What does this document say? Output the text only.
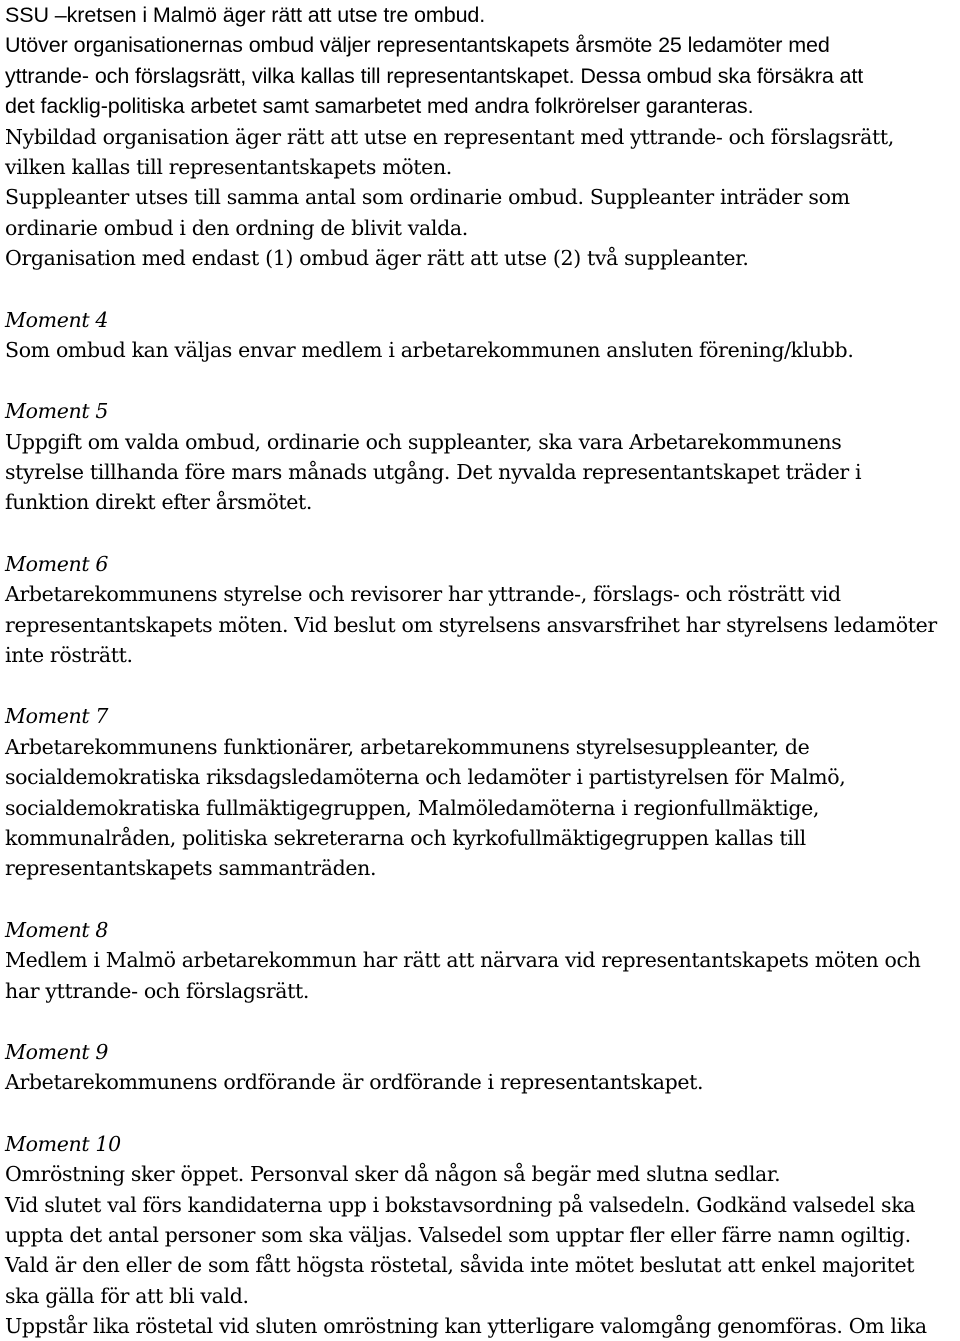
SSU –kretsen i Malmö äger rätt att utse tre ombud.
Utöver organisationernas ombud väljer representantskapets årsmöte 25 ledamöter med
yttrande- och förslagsrätt, vilka kallas till representantskapet. Dessa ombud ska försäkra att
det facklig-politiska arbetet samt samarbetet med andra folkrörelser garanteras.
Nybildad organisation äger rätt att utse en representant med yttrande- och förslagsrätt,
vilken kallas till representantskapets möten.
Suppleanter utses till samma antal som ordinarie ombud. Suppleanter inträder som
ordinarie ombud i den ordning de blivit valda.
Organisation med endast (1) ombud äger rätt att utse (2) två suppleanter.
Moment 4
Som ombud kan väljas envar medlem i arbetarekommunen ansluten förening/klubb.
Moment 5
Uppgift om valda ombud, ordinarie och suppleanter, ska vara Arbetarekommunens
styrelse tillhanda före mars månads utgång. Det nyvalda representantskapet träder i
funktion direkt efter årsmötet.
Moment 6
Arbetarekommunens styrelse och revisorer har yttrande-, förslags- och rösträtt vid
representantskapets möten. Vid beslut om styrelsens ansvarsfrihet har styrelsens ledamöter
inte rösträtt.
Moment 7
Arbetarekommunens funktionärer, arbetarekommunens styrelsesuppleanter, de
socialdemokratiska riksdagsledamöterna och ledamöter i partistyrelsen för Malmö,
socialdemokratiska fullmäktigegruppen, Malmöledamöterna i regionfullmäktige,
kommunalråden, politiska sekreterarna och kyrkofullmäktigegruppen kallas till
representantskapets sammanträden.
Moment 8
Medlem i Malmö arbetarekommun har rätt att närvara vid representantskapets möten och
har yttrande- och förslagsrätt.
Moment 9
Arbetarekommunens ordförande är ordförande i representantskapet.
Moment 10
Omröstning sker öppet. Personval sker då någon så begär med slutna sedlar.
Vid slutet val förs kandidaterna upp i bokstavsordning på valsedeln. Godkänd valsedel ska
uppta det antal personer som ska väljas. Valsedel som upptar fler eller färre namn ogiltig.
Vald är den eller de som fått högsta röstetal, såvida inte mötet beslutat att enkel majoritet
ska gälla för att bli vald.
Uppstår lika röstetal vid sluten omröstning kan ytterligare valomgång genomföras. Om lika
